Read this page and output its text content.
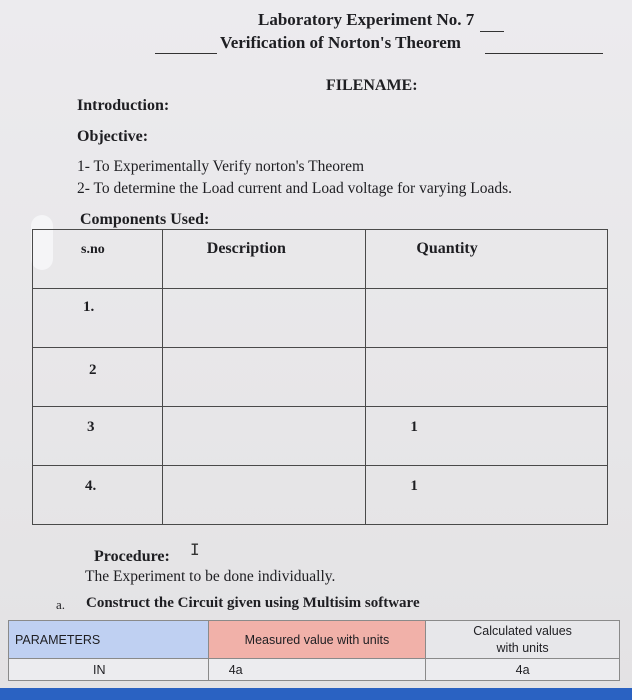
Laboratory Experiment No. 7
Verification of Norton's Theorem
FILENAME:
Introduction:
Objective:
1- To Experimentally Verify norton's Theorem
2- To determine the Load current and Load voltage for varying Loads.
Components Used:
s.no	Description	Quantity

1.		

2		

3		1

4.		1
Procedure: I
The Experiment to be done individually.
a. Construct the Circuit given using Multisim software
PARAMETERS	Measured value with units	Calculated values with units
IN	4a	4a
